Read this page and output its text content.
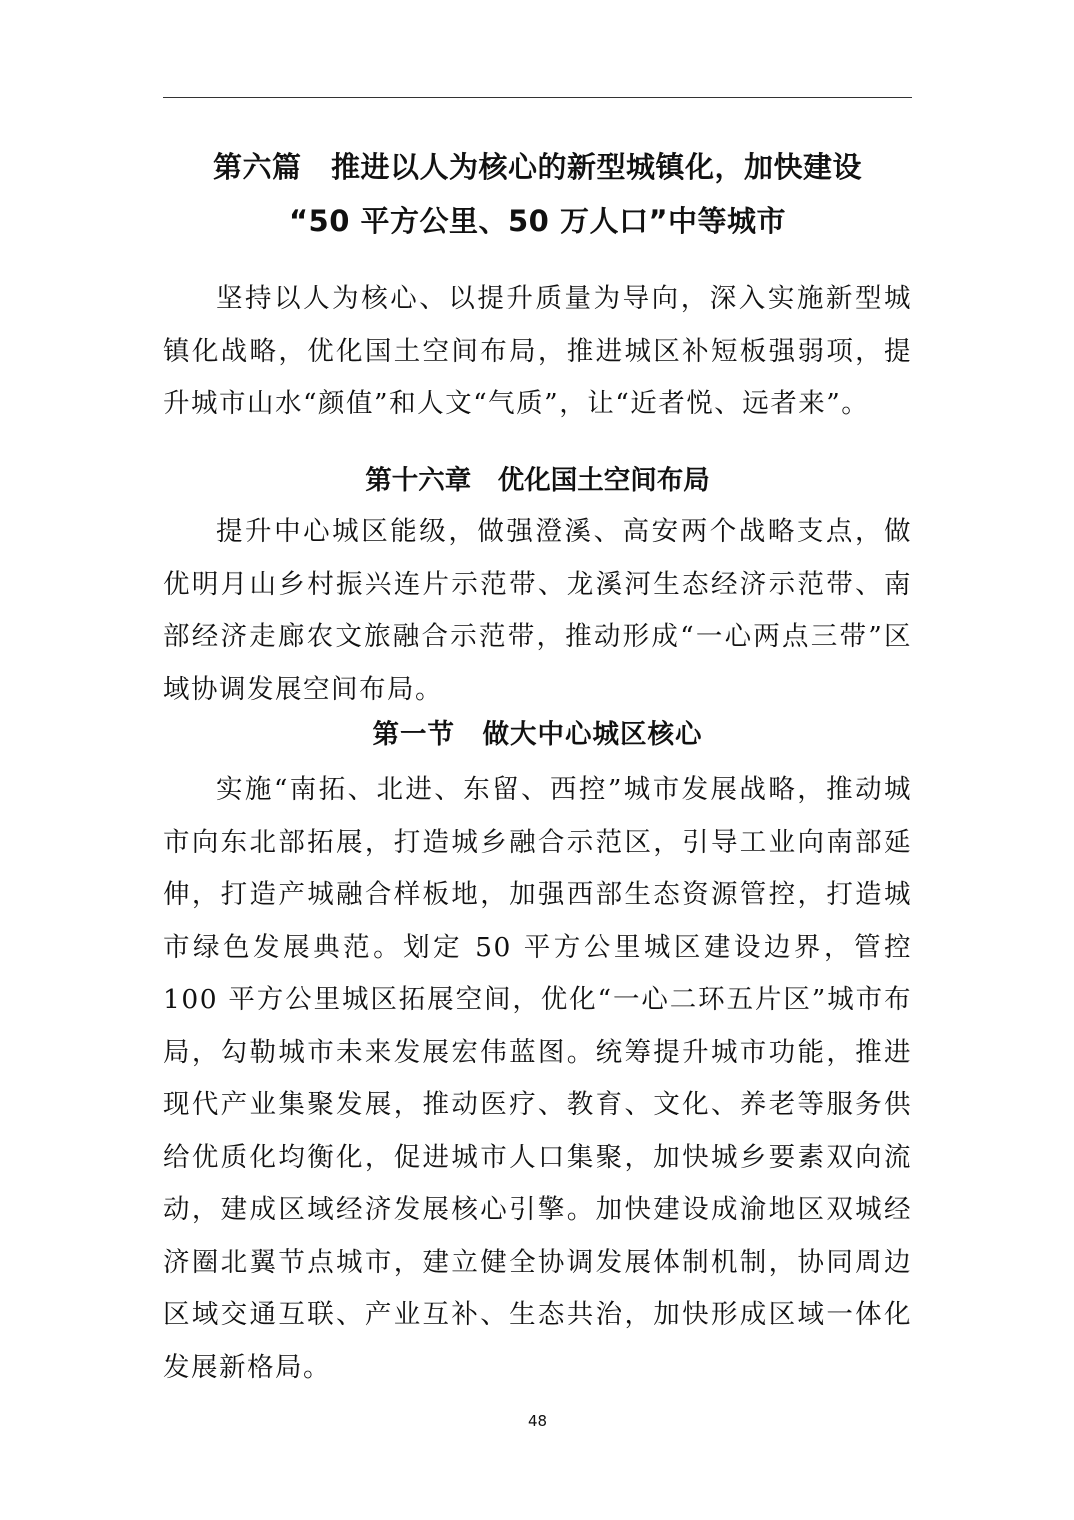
第六篇　推进以人为核心的新型城镇化，加快建设
“50 平方公里、50 万人口”中等城市

坚持以人为核心、以提升质量为导向，深入实施新型城镇化战略，优化国土空间布局，推进城区补短板强弱项，提升城市山水“颜值”和人文“气质”，让“近者悦、远者来”。

第十六章　优化国土空间布局

提升中心城区能级，做强澄溪、高安两个战略支点，做优明月山乡村振兴连片示范带、龙溪河生态经济示范带、南部经济走廊农文旅融合示范带，推动形成“一心两点三带”区域协调发展空间布局。

第一节　做大中心城区核心

实施“南拓、北进、东留、西控”城市发展战略，推动城市向东北部拓展，打造城乡融合示范区，引导工业向南部延伸，打造产城融合样板地，加强西部生态资源管控，打造城市绿色发展典范。划定 50 平方公里城区建设边界，管控 100 平方公里城区拓展空间，优化“一心二环五片区”城市布局，勾勒城市未来发展宏伟蓝图。统筹提升城市功能，推进现代产业集聚发展，推动医疗、教育、文化、养老等服务供给优质化均衡化，促进城市人口集聚，加快城乡要素双向流动，建成区域经济发展核心引擎。加快建设成渝地区双城经济圈北翼节点城市，建立健全协调发展体制机制，协同周边区域交通互联、产业互补、生态共治，加快形成区域一体化发展新格局。

48
